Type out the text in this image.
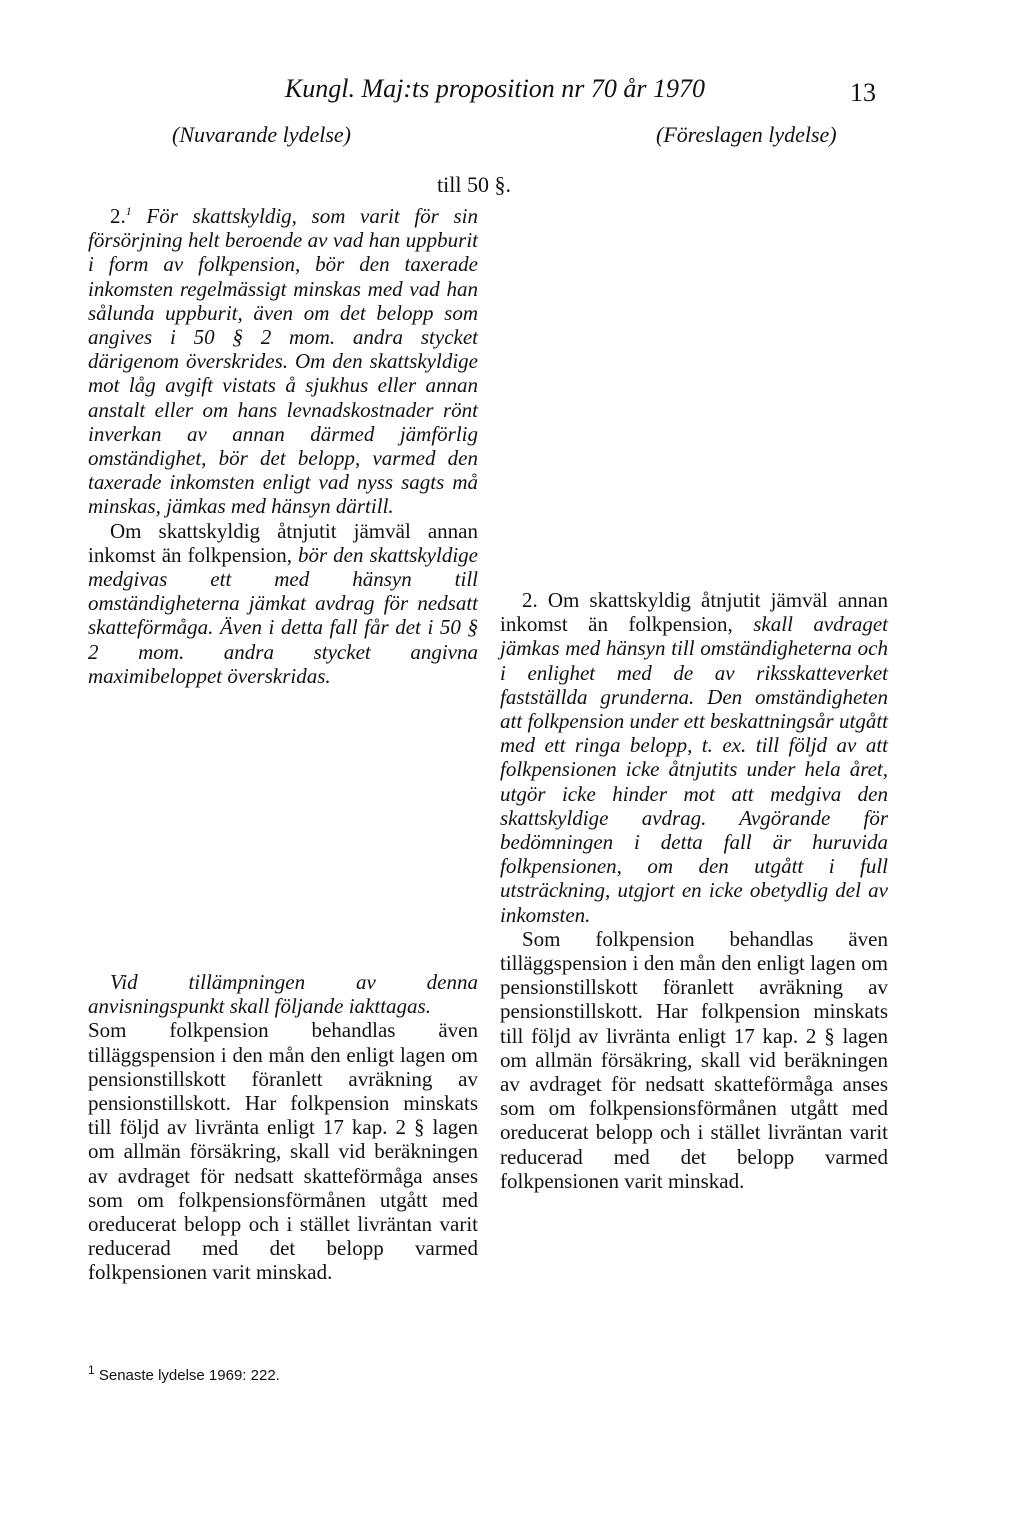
Kungl. Maj:ts proposition nr 70 år 1970	13
(Nuvarande lydelse)	(Föreslagen lydelse)
till 50 §.

2.$^1$ För skattskyldig, som varit för sin försörjning helt beroende av vad han uppburit i form av folkpension, bör den taxerade inkomsten regelmässigt minskas med vad han sålunda uppburit, även om det belopp som angives i 50 § 2 mom. andra stycket därigenom överskrides. Om den skattskyldige mot låg avgift vistats å sjukhus eller annan anstalt eller om hans levnadskostnader rönt inverkan av annan därmed jämförlig omständighet, bör det belopp, varmed den taxerade inkomsten enligt vad nyss sagts må minskas, jämkas med hänsyn därtill.

Om skattskyldig åtnjutit jämväl annan inkomst än folkpension, bör den skattskyldige medgivas ett med hänsyn till omständigheterna jämkat avdrag för nedsatt skatteförmåga. Även i detta fall får det i 50 § 2 mom. andra stycket angivna maximibeloppet överskridas.

Vid tillämpningen av denna anvisningspunkt skall följande iakttagas.

Som folkpension behandlas även tilläggspension i den mån den enligt lagen om pensionstillskott föranlett avräkning av pensionstillskott. Har folkpension minskats till följd av livränta enligt 17 kap. 2 § lagen om allmän försäkring, skall vid beräkningen av avdraget för nedsatt skatteförmåga anses som om folkpensionsförmånen utgått med oreducerat belopp och i stället livräntan varit reducerad med det belopp varmed folkpensionen varit minskad.

2. Om skattskyldig åtnjutit jämväl annan inkomst än folkpension, skall avdraget jämkas med hänsyn till omständigheterna och i enlighet med de av riksskatteverket fastställda grunderna. Den omständigheten att folkpension under ett beskattningsår utgått med ett ringa belopp, t. ex. till följd av att folkpensionen icke åtnjutits under hela året, utgör icke hinder mot att medgiva den skattskyldige avdrag. Avgörande för bedömningen i detta fall är huruvida folkpensionen, om den utgått i full utsträckning, utgjort en icke obetydlig del av inkomsten.

Som folkpension behandlas även tilläggspension i den mån den enligt lagen om pensionstillskott föranlett avräkning av pensionstillskott. Har folkpension minskats till följd av livränta enligt 17 kap. 2 § lagen om allmän försäkring, skall vid beräkningen av avdraget för nedsatt skatteförmåga anses som om folkpensionsförmånen utgått med oreducerat belopp och i stället livräntan varit reducerad med det belopp varmed folkpensionen varit minskad.

$^1$ Senaste lydelse 1969: 222.
